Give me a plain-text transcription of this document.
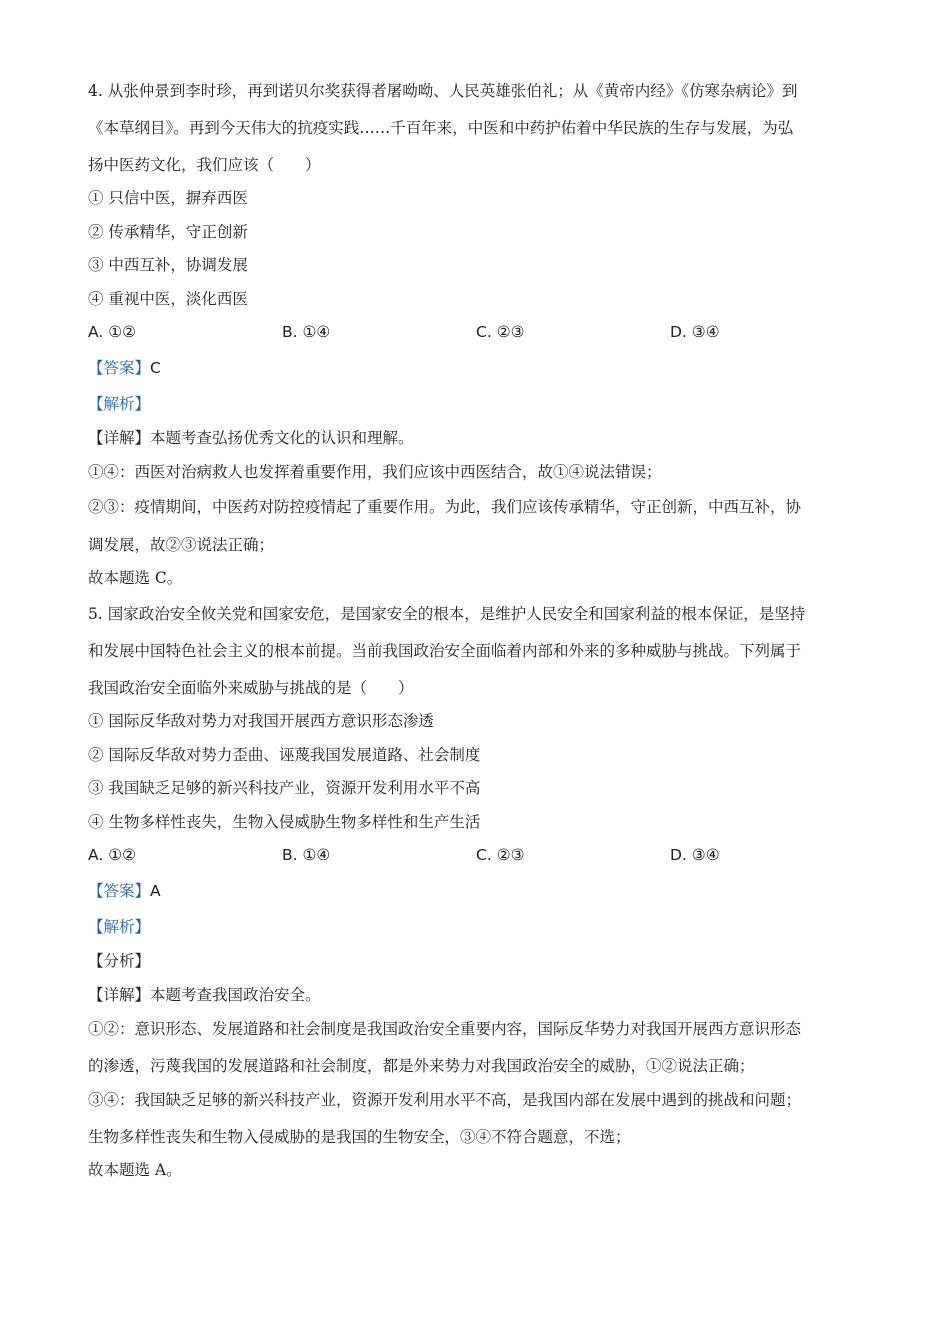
4. 从张仲景到李时珍，再到诺贝尔奖获得者屠呦呦、人民英雄张伯礼；从《黄帝内经》《仿寒杂病论》到
《本草纲目》。再到今天伟大的抗疫实践……千百年来，中医和中药护佑着中华民族的生存与发展，为弘
扬中医药文化，我们应该（　　）
① 只信中医，摒弃西医
② 传承精华，守正创新
③ 中西互补，协调发展
④ 重视中医，淡化西医
A. ①②	B. ①④	C. ②③	D. ③④
【答案】C
【解析】
【详解】本题考查弘扬优秀文化的认识和理解。
①④：西医对治病救人也发挥着重要作用，我们应该中西医结合，故①④说法错误；
②③：疫情期间，中医药对防控疫情起了重要作用。为此，我们应该传承精华，守正创新，中西互补，协
调发展，故②③说法正确；
故本题选 C。
5. 国家政治安全攸关党和国家安危，是国家安全的根本，是维护人民安全和国家利益的根本保证，是坚持
和发展中国特色社会主义的根本前提。当前我国政治安全面临着内部和外来的多种威胁与挑战。下列属于
我国政治安全面临外来威胁与挑战的是（　　）
① 国际反华敌对势力对我国开展西方意识形态渗透
② 国际反华敌对势力歪曲、诬蔑我国发展道路、社会制度
③ 我国缺乏足够的新兴科技产业，资源开发利用水平不高
④ 生物多样性丧失，生物入侵威胁生物多样性和生产生活
A. ①②	B. ①④	C. ②③	D. ③④
【答案】A
【解析】
【分析】
【详解】本题考查我国政治安全。
①②：意识形态、发展道路和社会制度是我国政治安全重要内容，国际反华势力对我国开展西方意识形态
的渗透，污蔑我国的发展道路和社会制度，都是外来势力对我国政治安全的威胁，①②说法正确；
③④：我国缺乏足够的新兴科技产业，资源开发利用水平不高，是我国内部在发展中遇到的挑战和问题；
生物多样性丧失和生物入侵威胁的是我国的生物安全，③④不符合题意，不选；
故本题选 A。
